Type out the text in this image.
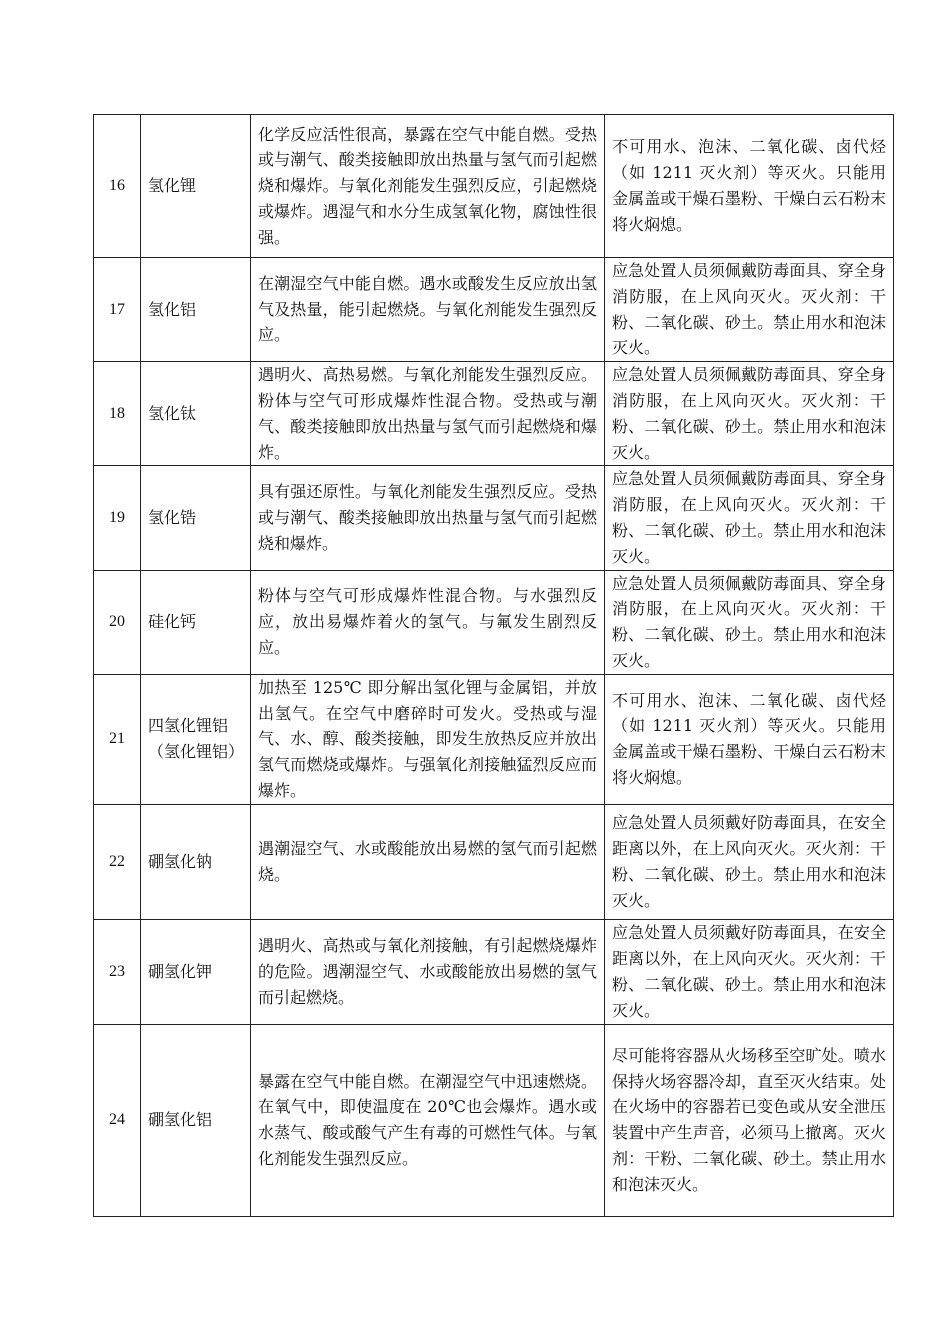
16	氢化锂	化学反应活性很高，暴露在空气中能自燃。受热或与潮气、酸类接触即放出热量与氢气而引起燃烧和爆炸。与氧化剂能发生强烈反应，引起燃烧或爆炸。遇湿气和水分生成氢氧化物，腐蚀性很强。	不可用水、泡沫、二氧化碳、卤代烃（如 1211 灭火剂）等灭火。只能用金属盖或干燥石墨粉、干燥白云石粉末将火焖熄。
17	氢化铝	在潮湿空气中能自燃。遇水或酸发生反应放出氢气及热量，能引起燃烧。与氧化剂能发生强烈反应。	应急处置人员须佩戴防毒面具、穿全身消防服，在上风向灭火。灭火剂：干粉、二氧化碳、砂土。禁止用水和泡沫灭火。
18	氢化钛	遇明火、高热易燃。与氧化剂能发生强烈反应。粉体与空气可形成爆炸性混合物。受热或与潮气、酸类接触即放出热量与氢气而引起燃烧和爆炸。	应急处置人员须佩戴防毒面具、穿全身消防服，在上风向灭火。灭火剂：干粉、二氧化碳、砂土。禁止用水和泡沫灭火。
19	氢化锆	具有强还原性。与氧化剂能发生强烈反应。受热或与潮气、酸类接触即放出热量与氢气而引起燃烧和爆炸。	应急处置人员须佩戴防毒面具、穿全身消防服，在上风向灭火。灭火剂：干粉、二氧化碳、砂土。禁止用水和泡沫灭火。
20	硅化钙	粉体与空气可形成爆炸性混合物。与水强烈反应，放出易爆炸着火的氢气。与氟发生剧烈反应。	应急处置人员须佩戴防毒面具、穿全身消防服，在上风向灭火。灭火剂：干粉、二氧化碳、砂土。禁止用水和泡沫灭火。
21	四氢化锂铝（氢化锂铝）	加热至 125℃ 即分解出氢化锂与金属铝，并放出氢气。在空气中磨碎时可发火。受热或与湿气、水、醇、酸类接触，即发生放热反应并放出氢气而燃烧或爆炸。与强氧化剂接触猛烈反应而爆炸。	不可用水、泡沫、二氧化碳、卤代烃（如 1211 灭火剂）等灭火。只能用金属盖或干燥石墨粉、干燥白云石粉末将火焖熄。
22	硼氢化钠	遇潮湿空气、水或酸能放出易燃的氢气而引起燃烧。	应急处置人员须戴好防毒面具，在安全距离以外，在上风向灭火。灭火剂：干粉、二氧化碳、砂土。禁止用水和泡沫灭火。
23	硼氢化钾	遇明火、高热或与氧化剂接触，有引起燃烧爆炸的危险。遇潮湿空气、水或酸能放出易燃的氢气而引起燃烧。	应急处置人员须戴好防毒面具，在安全距离以外，在上风向灭火。灭火剂：干粉、二氧化碳、砂土。禁止用水和泡沫灭火。
24	硼氢化铝	暴露在空气中能自燃。在潮湿空气中迅速燃烧。在氧气中，即使温度在 20℃也会爆炸。遇水或水蒸气、酸或酸气产生有毒的可燃性气体。与氧化剂能发生强烈反应。	尽可能将容器从火场移至空旷处。喷水保持火场容器冷却，直至灭火结束。处在火场中的容器若已变色或从安全泄压装置中产生声音，必须马上撤离。灭火剂：干粉、二氧化碳、砂土。禁止用水和泡沫灭火。
